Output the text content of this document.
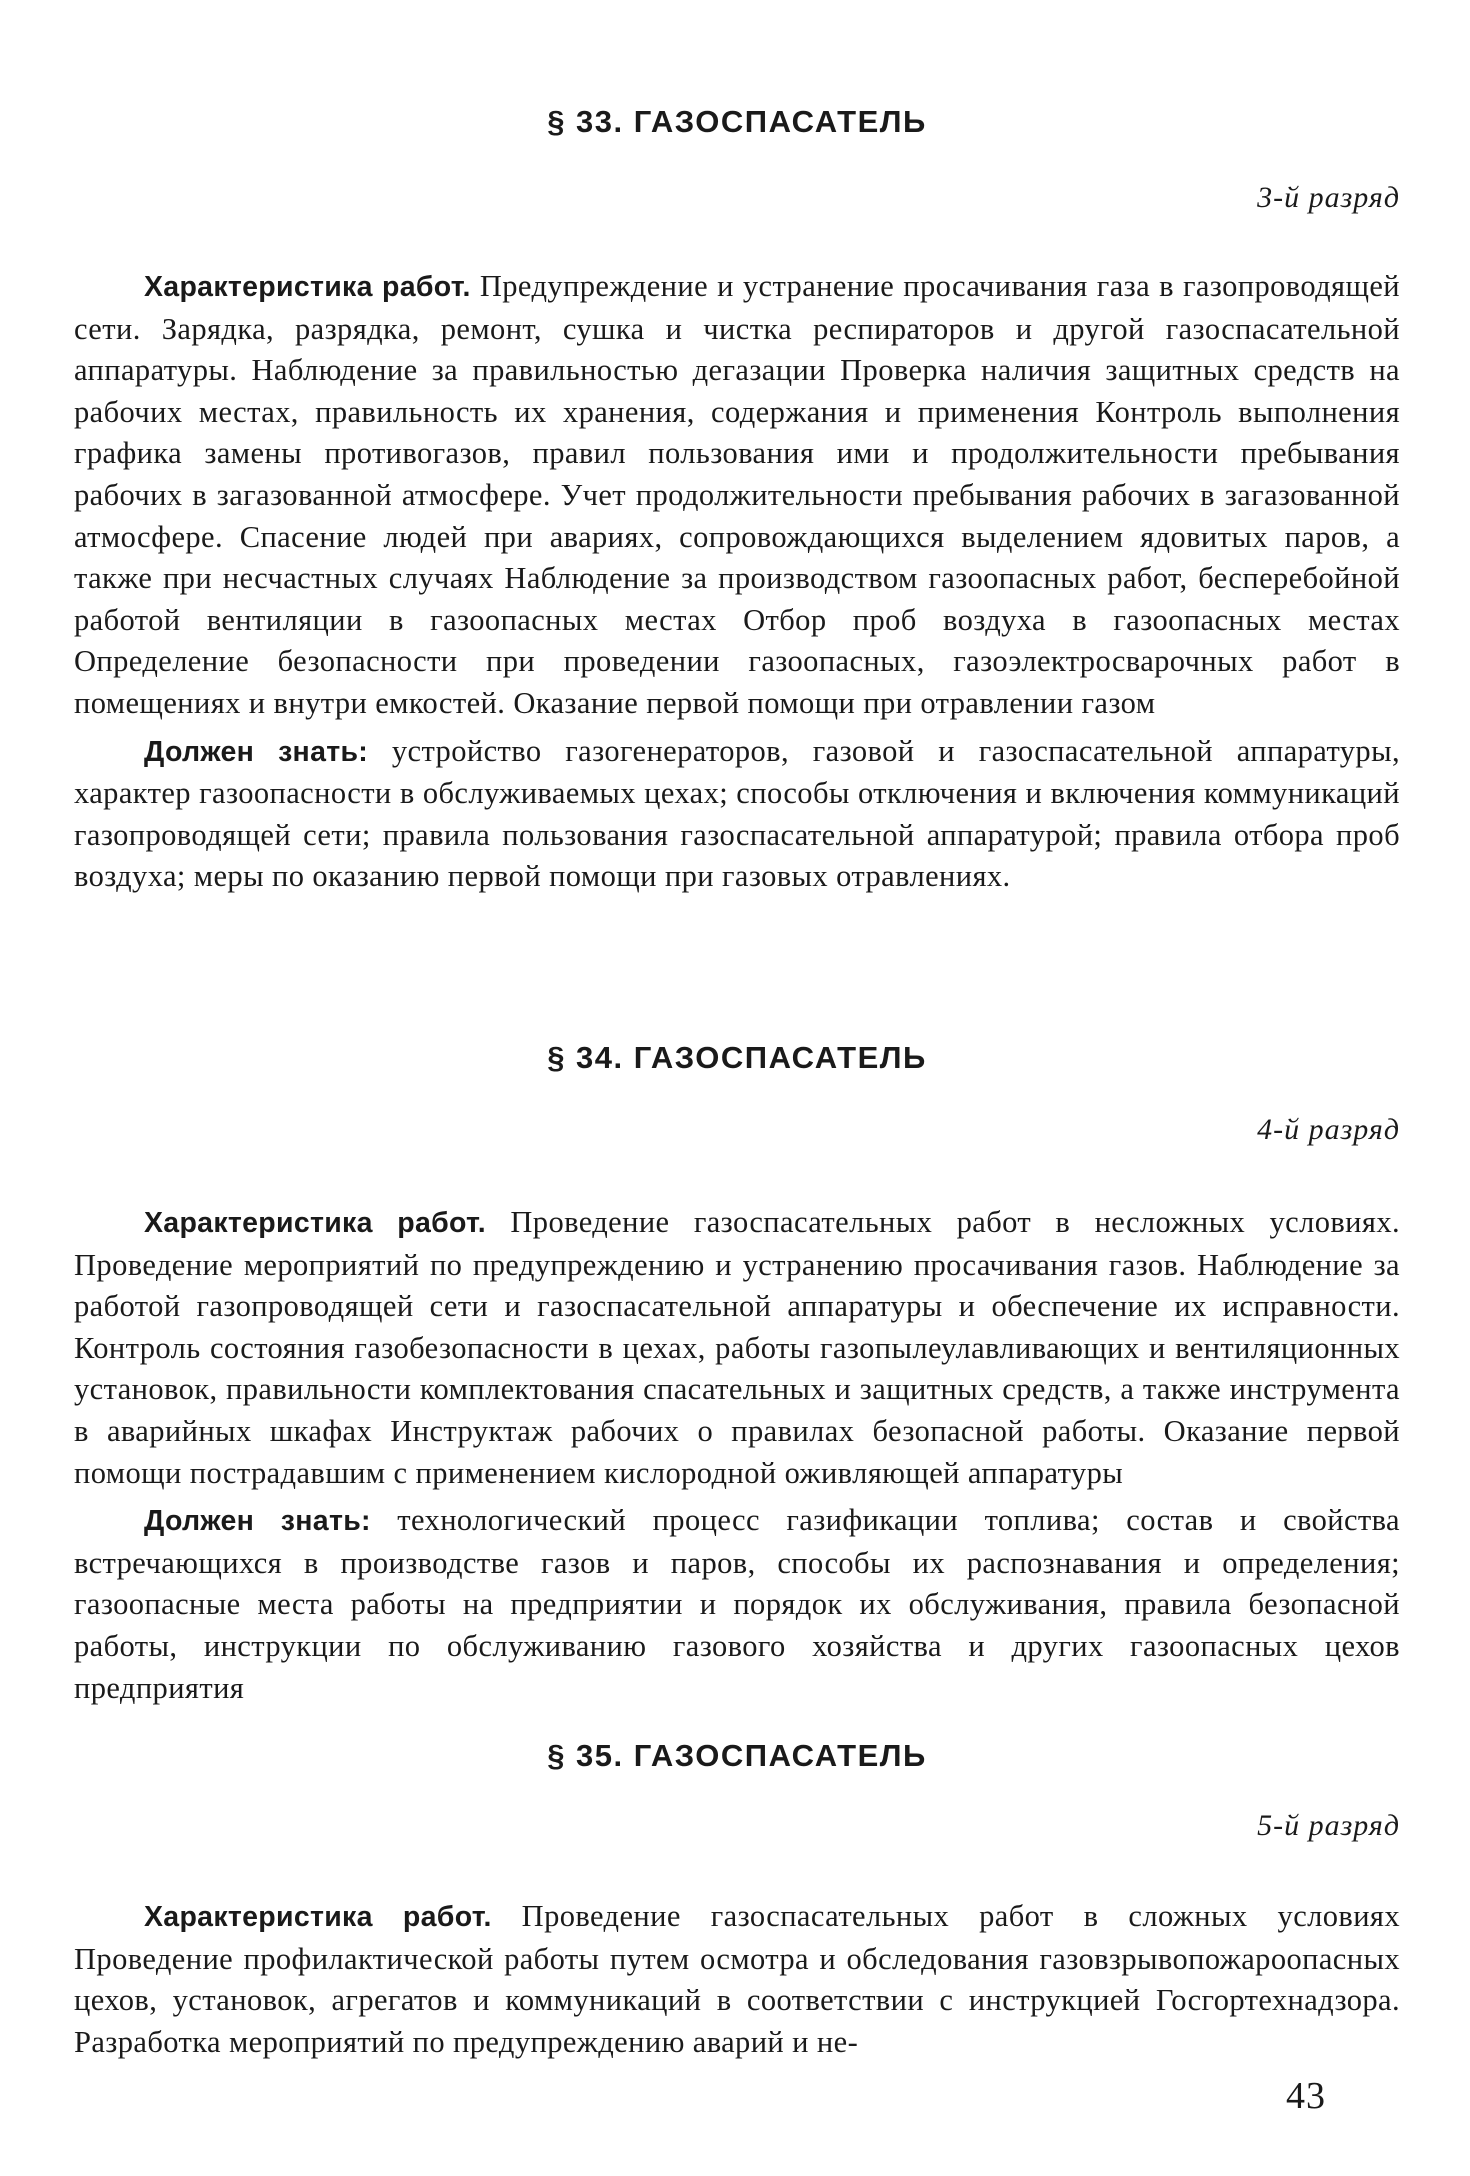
§ 33. ГАЗОСПАСАТЕЛЬ

3-й разряд

Характеристика работ. Предупреждение и устранение просачивания газа в газопроводящей сети. Зарядка, разрядка, ремонт, сушка и чистка респираторов и другой газоспасательной аппаратуры. Наблюдение за правильностью дегазации Проверка наличия защитных средств на рабочих местах, правильность их хранения, содержания и применения Контроль выполнения графика замены противогазов, правил пользования ими и продолжительности пребывания рабочих в загазованной атмосфере. Учет продолжительности пребывания рабочих в загазованной атмосфере. Спасение людей при авариях, сопровождающихся выделением ядовитых паров, а также при несчастных случаях Наблюдение за производством газоопасных работ, бесперебойной работой вентиляции в газоопасных местах Отбор проб воздуха в газоопасных местах Определение безопасности при проведении газоопасных, газоэлектросварочных работ в помещениях и внутри емкостей. Оказание первой помощи при отравлении газом

Должен знать: устройство газогенераторов, газовой и газоспасательной аппаратуры, характер газоопасности в обслуживаемых цехах; способы отключения и включения коммуникаций газопроводящей сети; правила пользования газоспасательной аппаратурой; правила отбора проб воздуха; меры по оказанию первой помощи при газовых отравлениях.

§ 34. ГАЗОСПАСАТЕЛЬ

4-й разряд

Характеристика работ. Проведение газоспасательных работ в несложных условиях. Проведение мероприятий по предупреждению и устранению просачивания газов. Наблюдение за работой газопроводящей сети и газоспасательной аппаратуры и обеспечение их исправности. Контроль состояния газобезопасности в цехах, работы газопылеулавливающих и вентиляционных установок, правильности комплектования спасательных и защитных средств, а также инструмента в аварийных шкафах Инструктаж рабочих о правилах безопасной работы. Оказание первой помощи пострадавшим с применением кислородной оживляющей аппаратуры

Должен знать: технологический процесс газификации топлива; состав и свойства встречающихся в производстве газов и паров, способы их распознавания и определения; газоопасные места работы на предприятии и порядок их обслуживания, правила безопасной работы, инструкции по обслуживанию газового хозяйства и других газоопасных цехов предприятия

§ 35. ГАЗОСПАСАТЕЛЬ

5-й разряд

Характеристика работ. Проведение газоспасательных работ в сложных условиях Проведение профилактической работы путем осмотра и обследования газовзрывопожароопасных цехов, установок, агрегатов и коммуникаций в соответствии с инструкцией Госгортехнадзора. Разработка мероприятий по предупреждению аварий и не-

43
